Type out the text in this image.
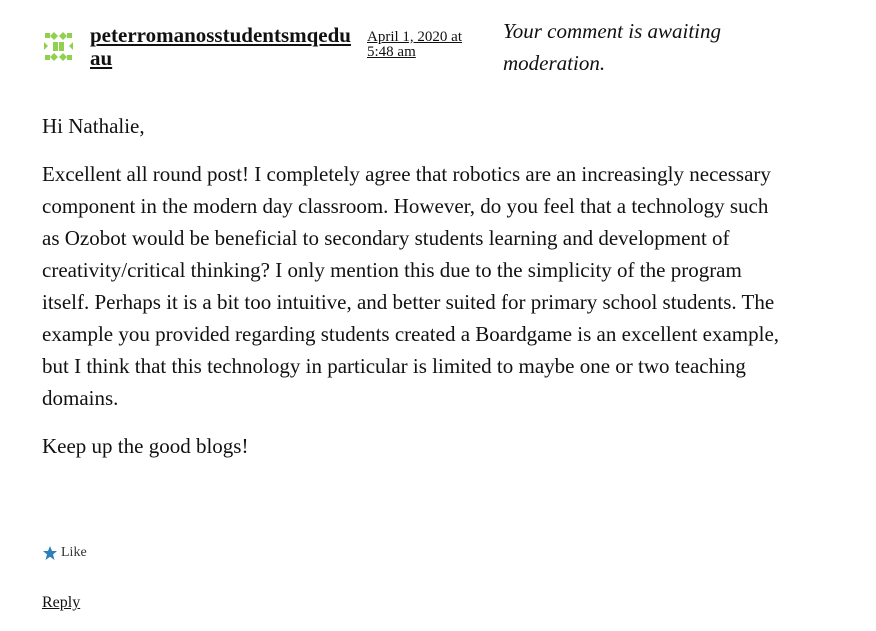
peterromanosstudentsmqeduau
April 1, 2020 at 5:48 am
Your comment is awaiting moderation.

Hi Nathalie,

Excellent all round post! I completely agree that robotics are an increasingly necessary component in the modern day classroom. However, do you feel that a technology such as Ozobot would be beneficial to secondary students learning and development of creativity/critical thinking? I only mention this due to the simplicity of the program itself. Perhaps it is a bit too intuitive, and better suited for primary school students. The example you provided regarding students created a Boardgame is an excellent example, but I think that this technology in particular is limited to maybe one or two teaching domains.

Keep up the good blogs!

Like
Reply
